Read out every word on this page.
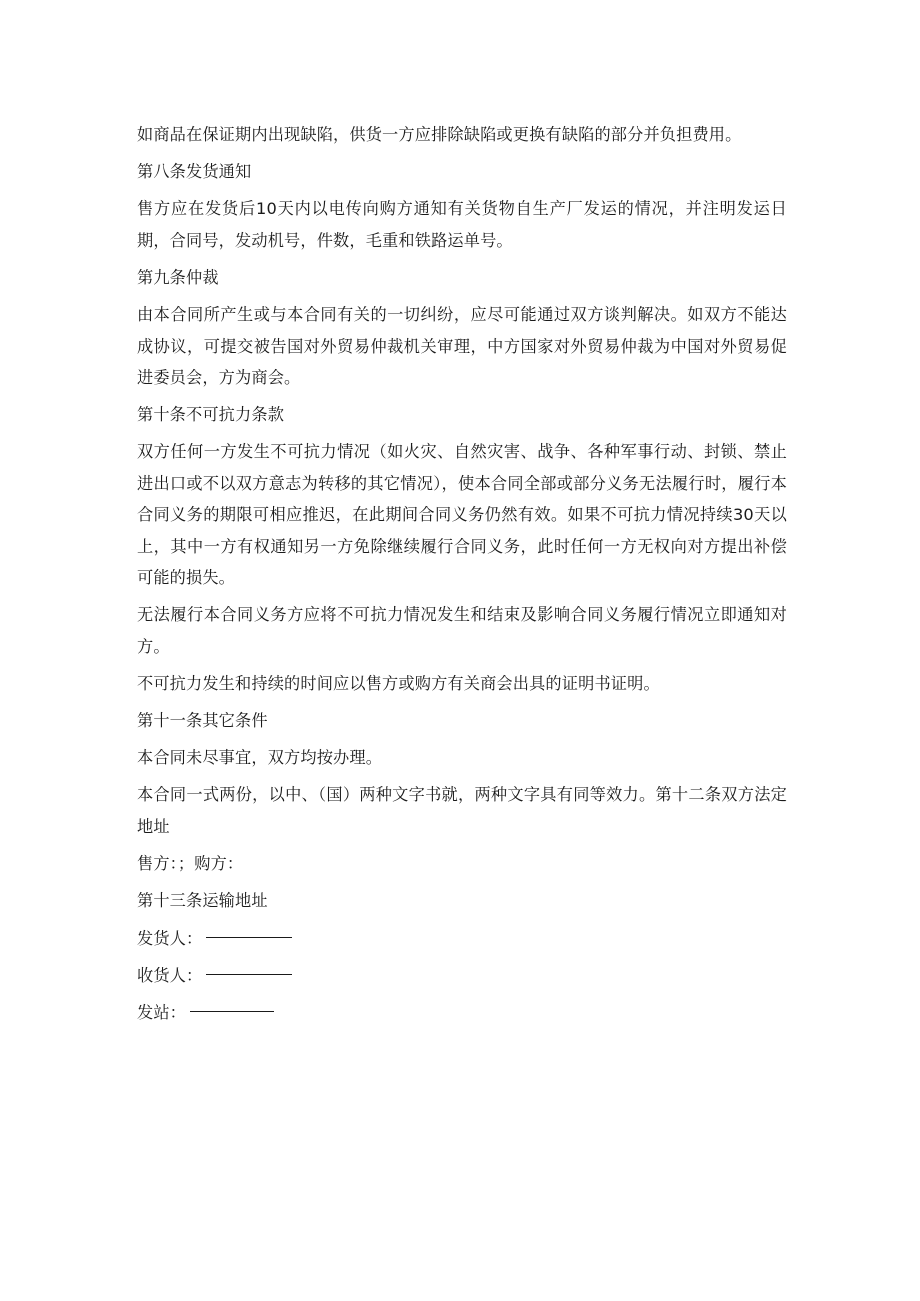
如商品在保证期内出现缺陷，供货一方应排除缺陷或更换有缺陷的部分并负担费用。

第八条发货通知

售方应在发货后10天内以电传向购方通知有关货物自生产厂发运的情况，并注明发运日期，合同号，发动机号，件数，毛重和铁路运单号。

第九条仲裁

由本合同所产生或与本合同有关的一切纠纷，应尽可能通过双方谈判解决。如双方不能达成协议，可提交被告国对外贸易仲裁机关审理，中方国家对外贸易仲裁为中国对外贸易促进委员会，方为商会。

第十条不可抗力条款

双方任何一方发生不可抗力情况（如火灾、自然灾害、战争、各种军事行动、封锁、禁止进出口或不以双方意志为转移的其它情况），使本合同全部或部分义务无法履行时，履行本合同义务的期限可相应推迟，在此期间合同义务仍然有效。如果不可抗力情况持续30天以上，其中一方有权通知另一方免除继续履行合同义务，此时任何一方无权向对方提出补偿可能的损失。

无法履行本合同义务方应将不可抗力情况发生和结束及影响合同义务履行情况立即通知对方。

不可抗力发生和持续的时间应以售方或购方有关商会出具的证明书证明。

第十一条其它条件

本合同未尽事宜，双方均按办理。

本合同一式两份，以中、（国）两种文字书就，两种文字具有同等效力。第十二条双方法定地址

售方：；购方：

第十三条运输地址

发货人：

收货人：

发站：
